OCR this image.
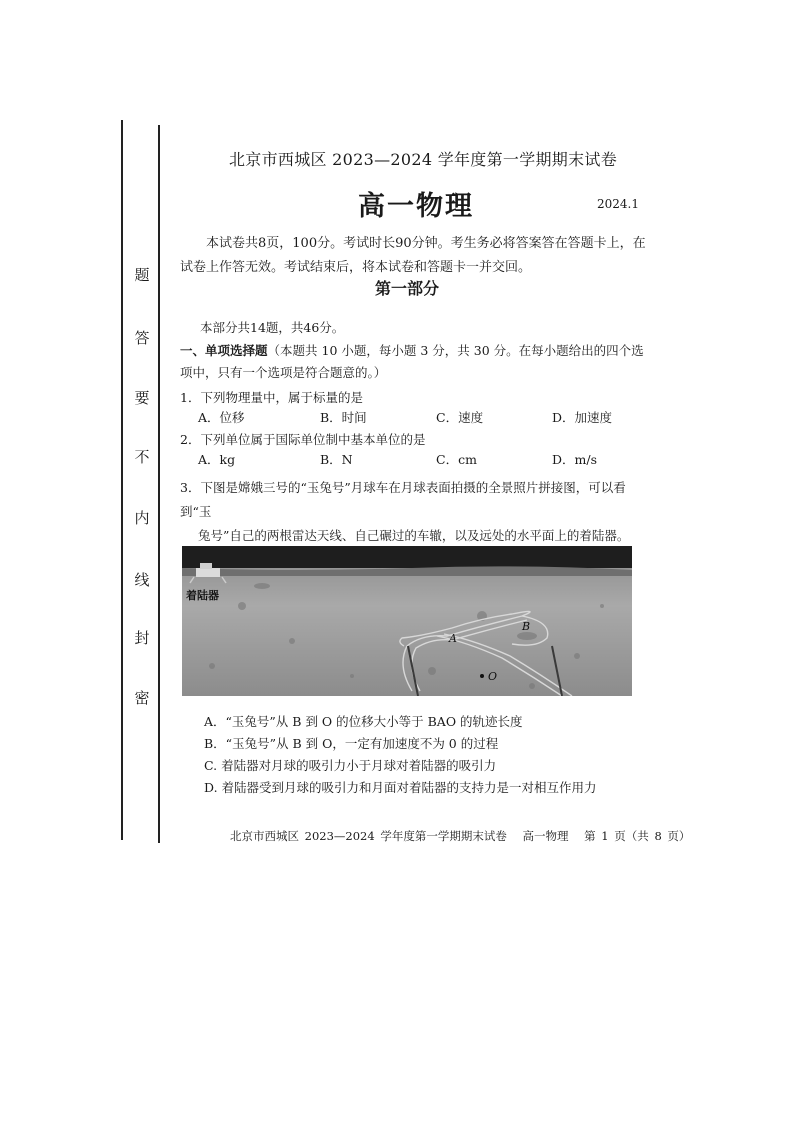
题
答
要
不
内
线
封
密
北京市西城区 2023—2024 学年度第一学期期末试卷
高一物理	2024.1
本试卷共8页，100分。考试时长90分钟。考生务必将答案答在答题卡上，在试卷上作答无效。考试结束后，将本试卷和答题卡一并交回。
第一部分
本部分共14题，共46分。
一、单项选择题（本题共 10 小题，每小题 3 分，共 30 分。在每小题给出的四个选项中，只有一个选项是符合题意的。）
1．下列物理量中，属于标量的是
A．位移	B．时间	C．速度	D．加速度
2．下列单位属于国际单位制中基本单位的是
A．kg	B．N	C．cm	D．m/s
3．下图是嫦娥三号的“玉兔号”月球车在月球表面拍摄的全景照片拼接图，可以看到“玉
兔号”自己的两根雷达天线、自己碾过的车辙，以及远处的水平面上的着陆器。
A
B
O
着陆器
A．“玉兔号”从 B 到 O 的位移大小等于 BAO 的轨迹长度
B．“玉兔号”从 B 到 O，一定有加速度不为 0 的过程
C. 着陆器对月球的吸引力小于月球对着陆器的吸引力
D. 着陆器受到月球的吸引力和月面对着陆器的支持力是一对相互作用力
北京市西城区 2023—2024 学年度第一学期期末试卷 高一物理 第 1 页（共 8 页）
